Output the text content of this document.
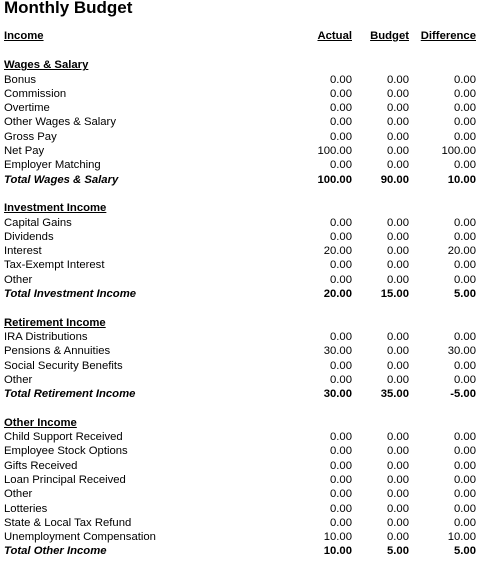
Monthly Budget
Income	Actual	Budget	Difference
Wages & Salary
Bonus	0.00	0.00	0.00
Commission	0.00	0.00	0.00
Overtime	0.00	0.00	0.00
Other Wages & Salary	0.00	0.00	0.00
Gross Pay	0.00	0.00	0.00
Net Pay	100.00	0.00	100.00
Employer Matching	0.00	0.00	0.00
Total Wages & Salary	100.00	90.00	10.00
Investment Income
Capital Gains	0.00	0.00	0.00
Dividends	0.00	0.00	0.00
Interest	20.00	0.00	20.00
Tax-Exempt Interest	0.00	0.00	0.00
Other	0.00	0.00	0.00
Total Investment Income	20.00	15.00	5.00
Retirement Income
IRA Distributions	0.00	0.00	0.00
Pensions & Annuities	30.00	0.00	30.00
Social Security Benefits	0.00	0.00	0.00
Other	0.00	0.00	0.00
Total Retirement Income	30.00	35.00	-5.00
Other Income
Child Support Received	0.00	0.00	0.00
Employee Stock Options	0.00	0.00	0.00
Gifts Received	0.00	0.00	0.00
Loan Principal Received	0.00	0.00	0.00
Other	0.00	0.00	0.00
Lotteries	0.00	0.00	0.00
State & Local Tax Refund	0.00	0.00	0.00
Unemployment Compensation	10.00	0.00	10.00
Total Other Income	10.00	5.00	5.00
